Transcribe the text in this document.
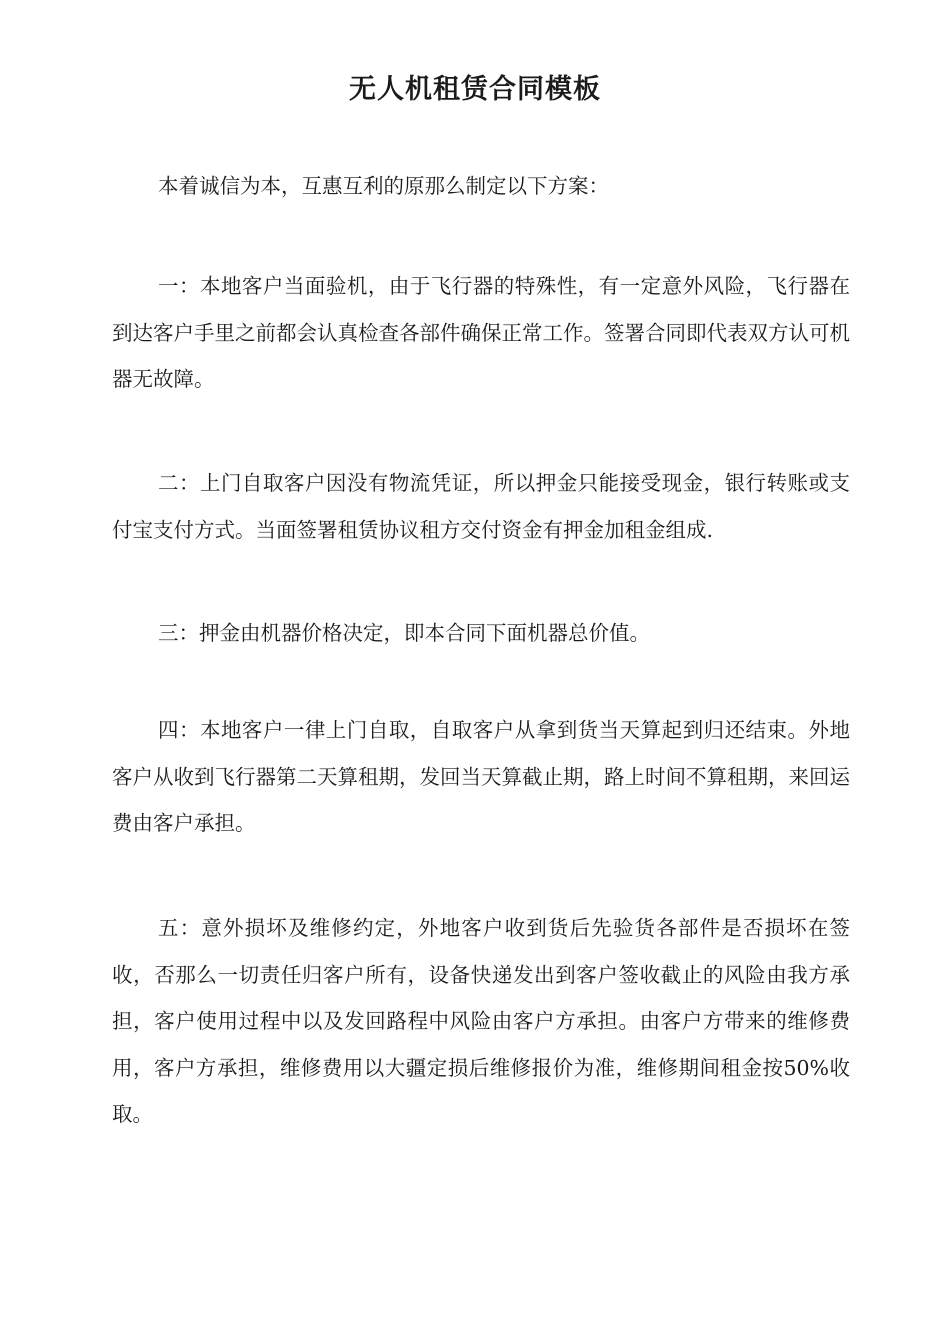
无人机租赁合同模板

本着诚信为本，互惠互利的原那么制定以下方案：

一：本地客户当面验机，由于飞行器的特殊性，有一定意外风险，飞行器在到达客户手里之前都会认真检查各部件确保正常工作。签署合同即代表双方认可机器无故障。

二：上门自取客户因没有物流凭证，所以押金只能接受现金，银行转账或支付宝支付方式。当面签署租赁协议租方交付资金有押金加租金组成.

三：押金由机器价格决定，即本合同下面机器总价值。

四：本地客户一律上门自取，自取客户从拿到货当天算起到归还结束。外地客户从收到飞行器第二天算租期，发回当天算截止期，路上时间不算租期，来回运费由客户承担。

五：意外损坏及维修约定，外地客户收到货后先验货各部件是否损坏在签收，否那么一切责任归客户所有，设备快递发出到客户签收截止的风险由我方承担，客户使用过程中以及发回路程中风险由客户方承担。由客户方带来的维修费用，客户方承担，维修费用以大疆定损后维修报价为准，维修期间租金按50%收取。
